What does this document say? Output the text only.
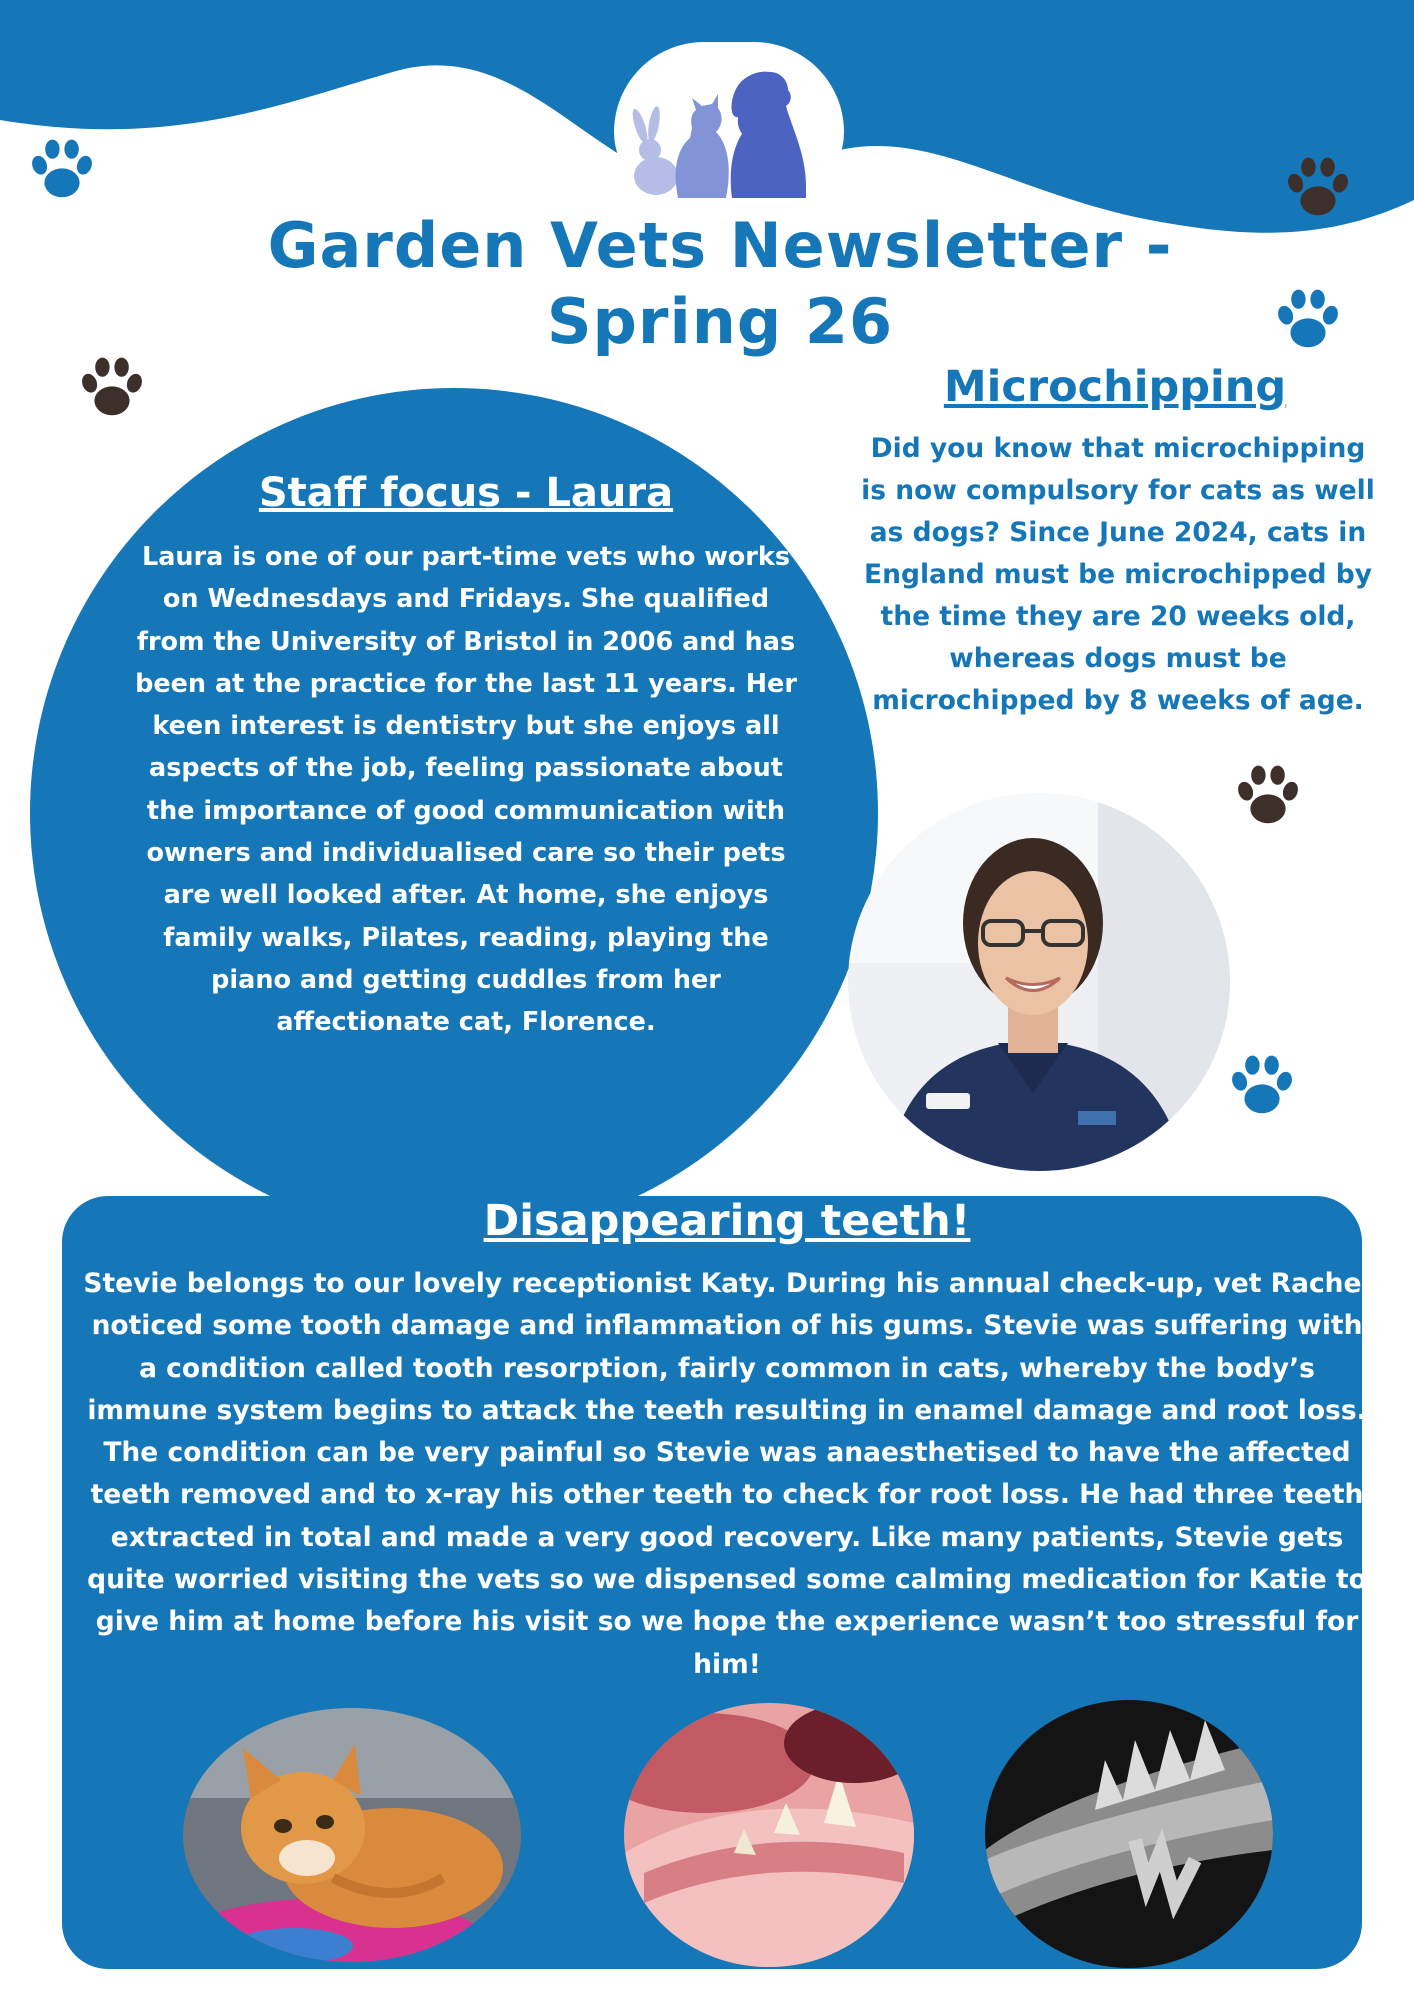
Garden Vets Newsletter - Spring 26
Microchipping

Did you know that microchipping is now compulsory for cats as well as dogs? Since June 2024, cats in England must be microchipped by the time they are 20 weeks old, whereas dogs must be microchipped by 8 weeks of age.

Staff focus - Laura

Laura is one of our part-time vets who works on Wednesdays and Fridays. She qualified from the University of Bristol in 2006 and has been at the practice for the last 11 years. Her keen interest is dentistry but she enjoys all aspects of the job, feeling passionate about the importance of good communication with owners and individualised care so their pets are well looked after. At home, she enjoys family walks, Pilates, reading, playing the piano and getting cuddles from her affectionate cat, Florence.

Disappearing teeth!

Stevie belongs to our lovely receptionist Katy. During his annual check-up, vet Rachel noticed some tooth damage and inflammation of his gums. Stevie was suffering with a condition called tooth resorption, fairly common in cats, whereby the body’s immune system begins to attack the teeth resulting in enamel damage and root loss. The condition can be very painful so Stevie was anaesthetised to have the affected teeth removed and to x-ray his other teeth to check for root loss. He had three teeth extracted in total and made a very good recovery. Like many patients, Stevie gets quite worried visiting the vets so we dispensed some calming medication for Katie to give him at home before his visit so we hope the experience wasn’t too stressful for him!
